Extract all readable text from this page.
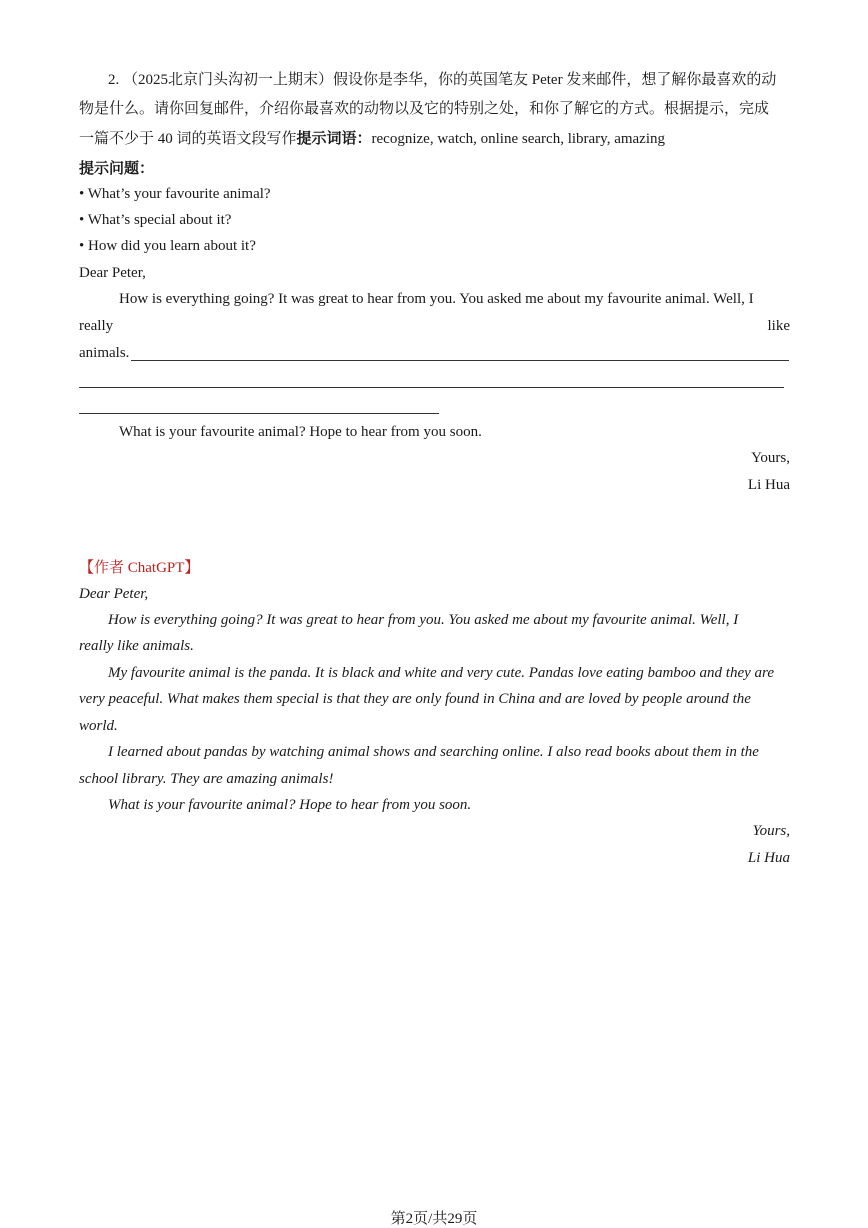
2. （2025北京门头沟初一上期末）假设你是李华，你的英国笔友 Peter 发来邮件，想了解你最喜欢的动
物是什么。请你回复邮件，介绍你最喜欢的动物以及它的特别之处，和你了解它的方式。根据提示，完成
一篇不少于 40 词的英语文段写作提示词语：recognize, watch, online search, library, amazing
提示问题：
• What’s your favourite animal?
• What’s special about it?
• How did you learn about it?
Dear Peter,
How is everything going? It was great to hear from you. You asked me about my favourite animal. Well, I
really	like
animals.
What is your favourite animal? Hope to hear from you soon.
Yours,
Li Hua
【作者 ChatGPT】
Dear Peter,
How is everything going? It was great to hear from you. You asked me about my favourite animal. Well, I
really like animals.
My favourite animal is the panda. It is black and white and very cute. Pandas love eating bamboo and they are
very peaceful. What makes them special is that they are only found in China and are loved by people around the
world.
I learned about pandas by watching animal shows and searching online. I also read books about them in the
school library. They are amazing animals!
What is your favourite animal? Hope to hear from you soon.
Yours,
Li Hua
第2页/共29页
